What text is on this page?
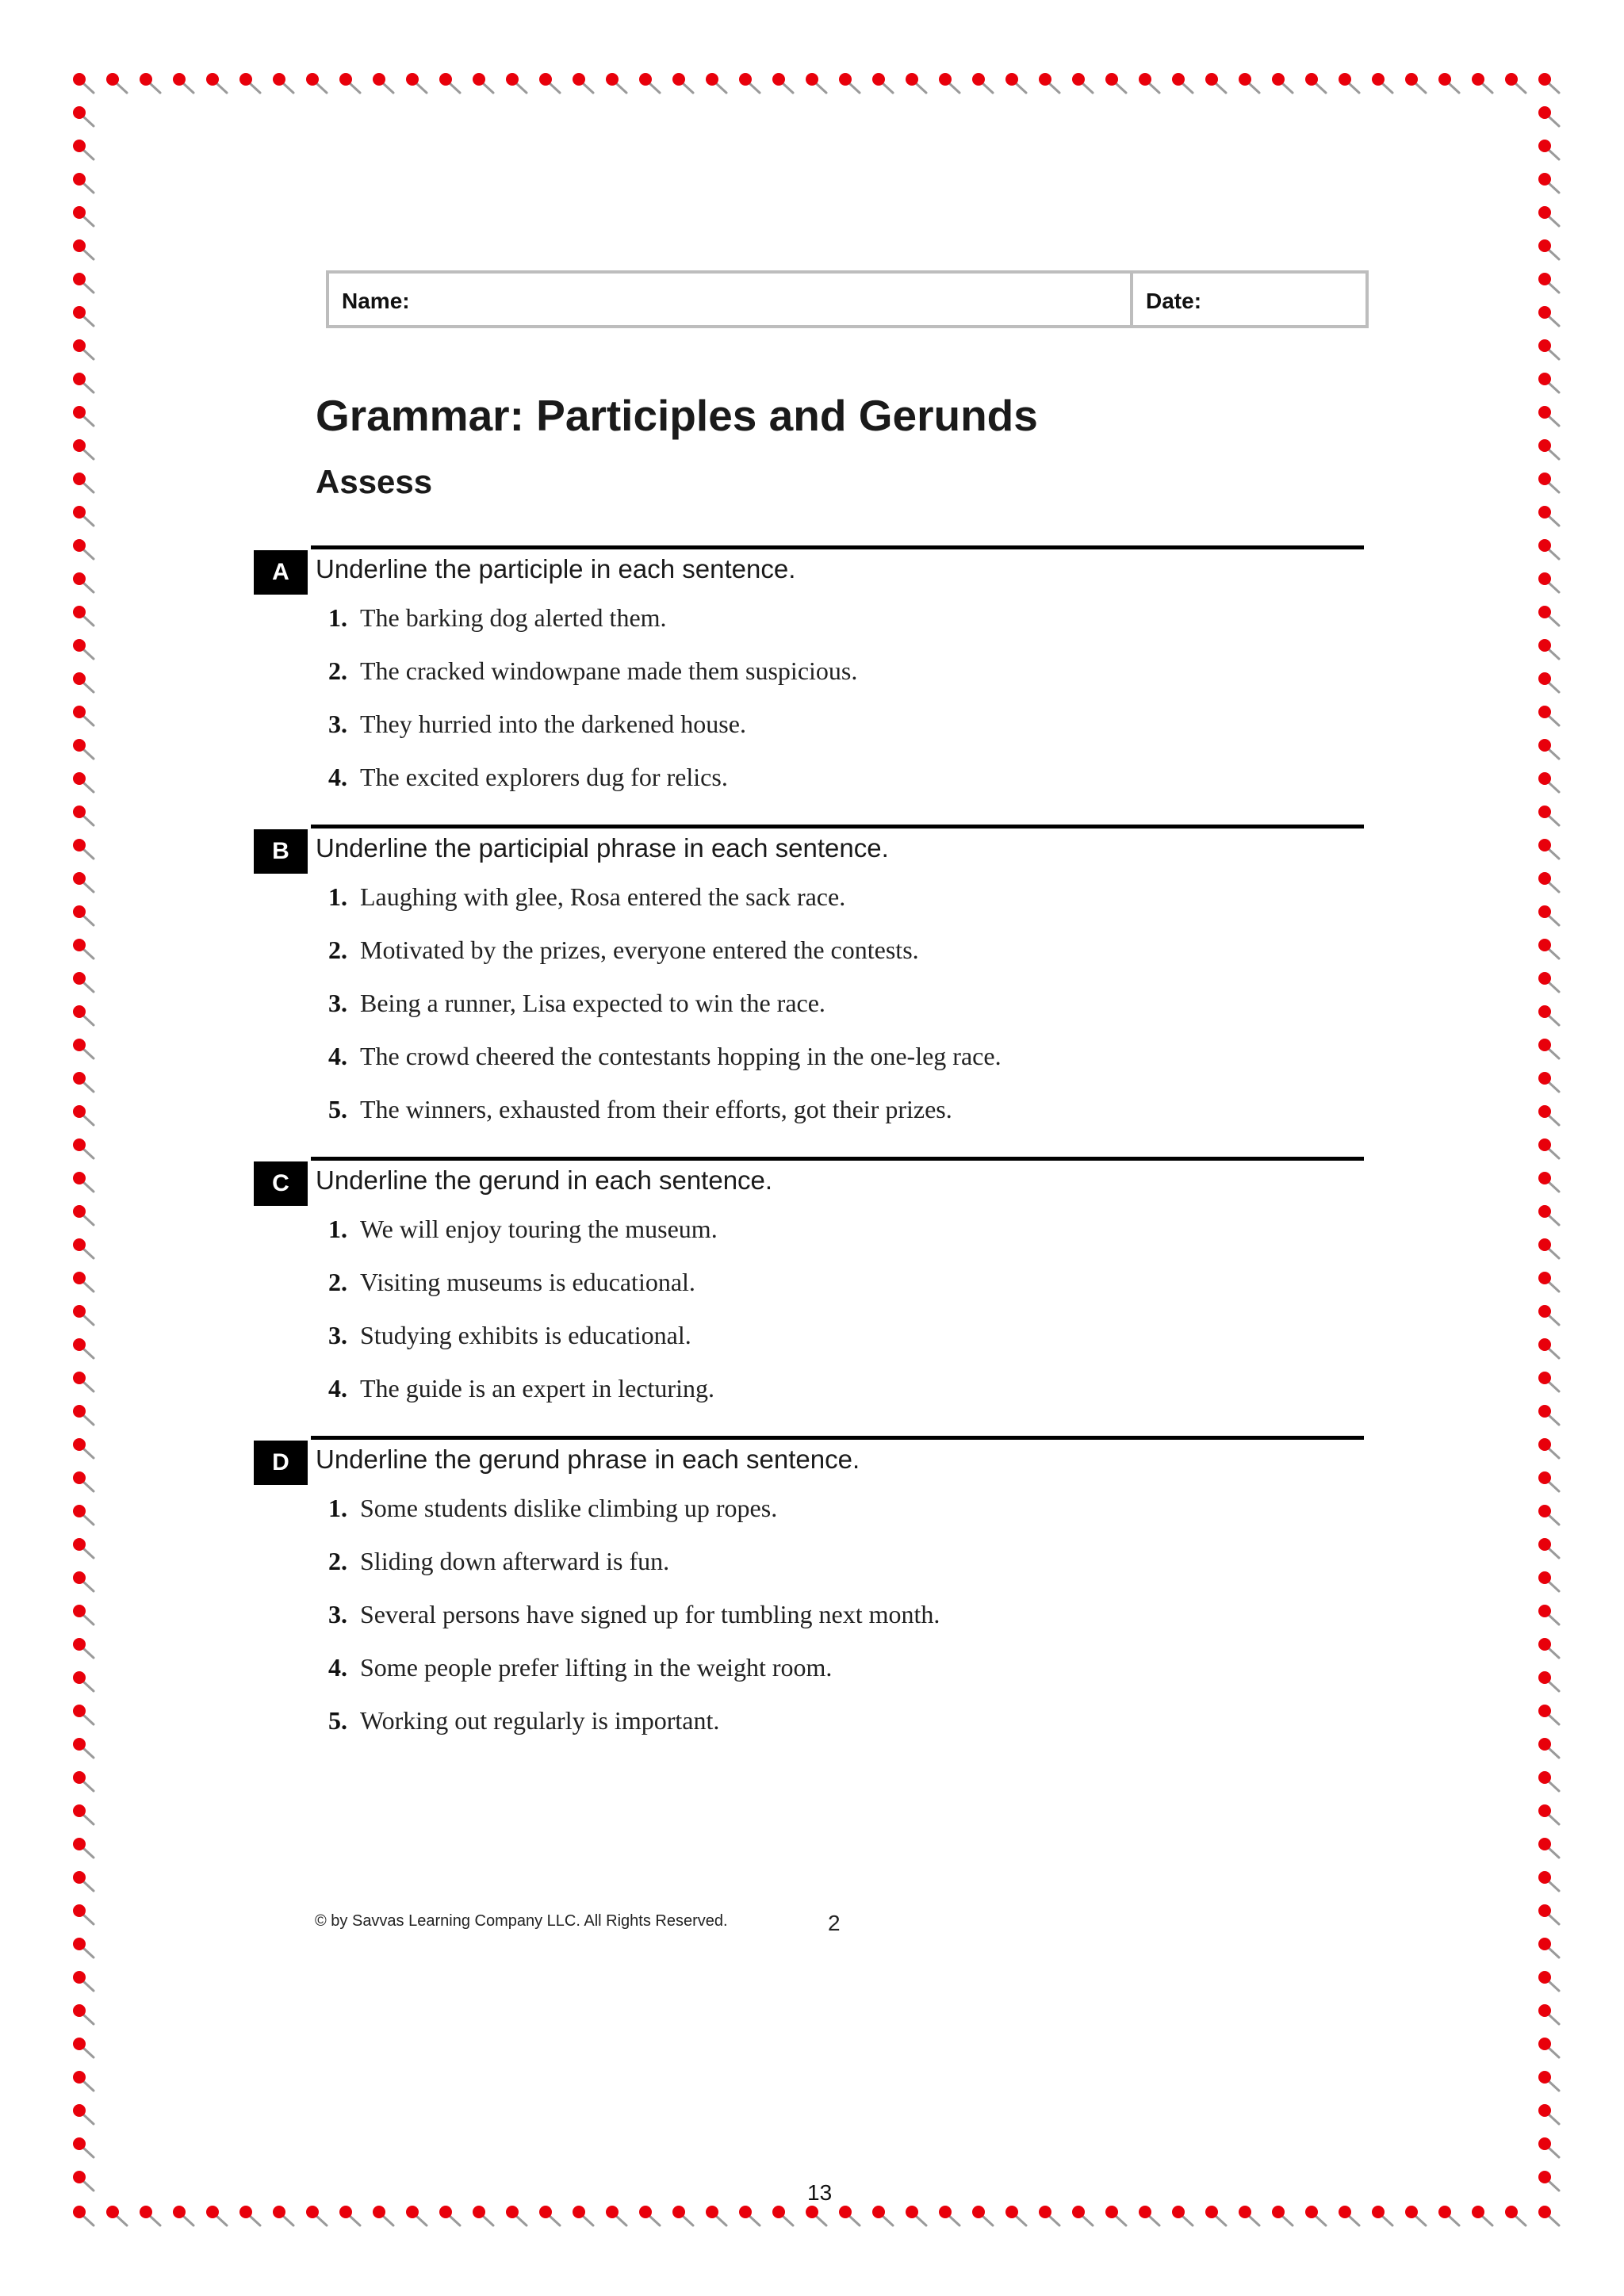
Name:	Date:
Grammar: Participles and Gerunds
Assess
A	Underline the participle in each sentence.
1. The barking dog alerted them.
2. The cracked windowpane made them suspicious.
3. They hurried into the darkened house.
4. The excited explorers dug for relics.
B	Underline the participial phrase in each sentence.
1. Laughing with glee, Rosa entered the sack race.
2. Motivated by the prizes, everyone entered the contests.
3. Being a runner, Lisa expected to win the race.
4. The crowd cheered the contestants hopping in the one-leg race.
5. The winners, exhausted from their efforts, got their prizes.
C	Underline the gerund in each sentence.
1. We will enjoy touring the museum.
2. Visiting museums is educational.
3. Studying exhibits is educational.
4. The guide is an expert in lecturing.
D	Underline the gerund phrase in each sentence.
1. Some students dislike climbing up ropes.
2. Sliding down afterward is fun.
3. Several persons have signed up for tumbling next month.
4. Some people prefer lifting in the weight room.
5. Working out regularly is important.
© by Savvas Learning Company LLC. All Rights Reserved.	2
13
